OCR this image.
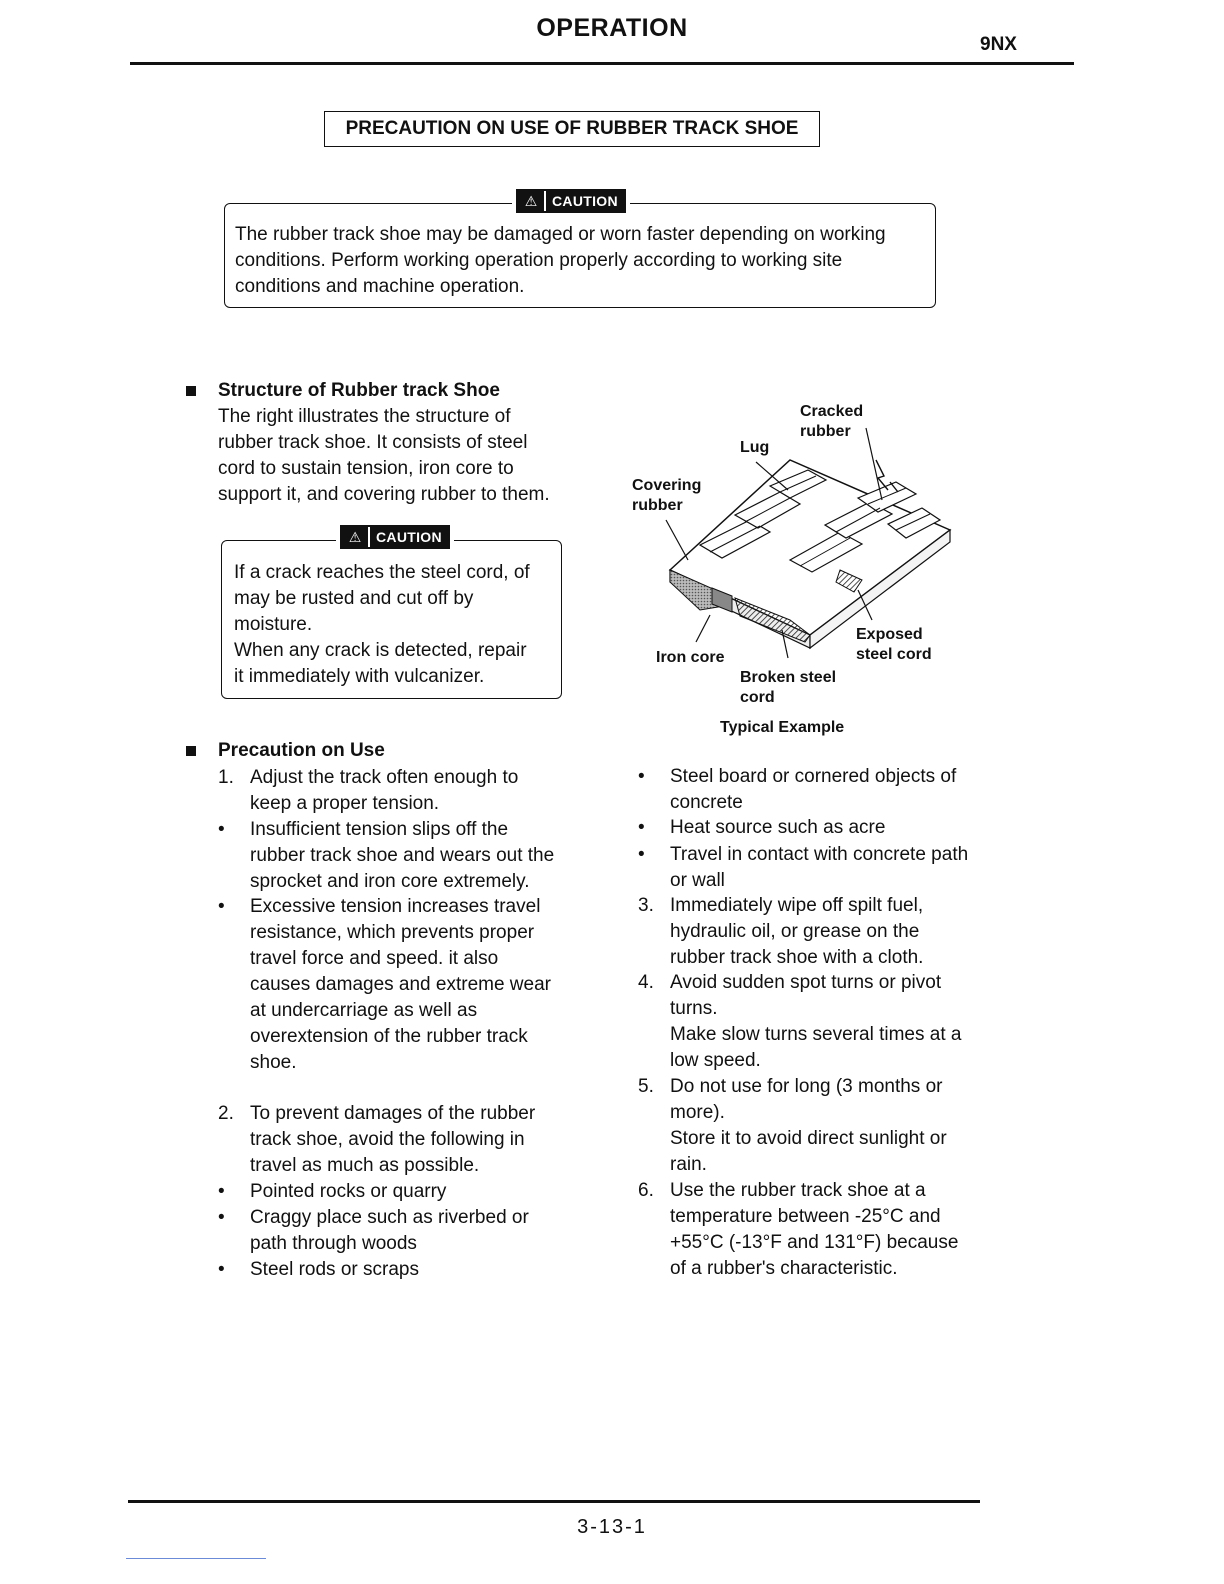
OPERATION
9NX
PRECAUTION ON USE OF RUBBER TRACK SHOE
⚠	CAUTION
The rubber track shoe may be damaged or worn faster depending on working
conditions. Perform working operation properly according to working site
conditions and machine operation.
Structure of Rubber track Shoe
The right illustrates the structure of
rubber track shoe. It consists of steel
cord to sustain tension, iron core to
support it, and covering rubber to them.
⚠	CAUTION
If a crack reaches the steel cord, of
may be rusted and cut off by
moisture.
When any crack is detected, repair
it immediately with vulcanizer.
Cracked
rubber
Lug
Covering
rubber
Exposed
steel cord
Iron core
Broken steel
cord
Typical Example
Precaution on Use
1. Adjust the track often enough to
keep a proper tension.
• Insufficient tension slips off the
rubber track shoe and wears out the
sprocket and iron core extremely.
• Excessive tension increases travel
resistance, which prevents proper
travel force and speed. it also
causes damages and extreme wear
at undercarriage as well as
overextension of the rubber track
shoe.
2. To prevent damages of the rubber
track shoe, avoid the following in
travel as much as possible.
• Pointed rocks or quarry
• Craggy place such as riverbed or
path through woods
• Steel rods or scraps
• Steel board or cornered objects of
concrete
• Heat source such as acre
• Travel in contact with concrete path
or wall
3. Immediately wipe off spilt fuel,
hydraulic oil, or grease on the
rubber track shoe with a cloth.
4. Avoid sudden spot turns or pivot
turns.
Make slow turns several times at a
low speed.
5. Do not use for long (3 months or
more).
Store it to avoid direct sunlight or
rain.
6. Use the rubber track shoe at a
temperature between -25°C and
+55°C (-13°F and 131°F) because
of a rubber's characteristic.
3-13-1
